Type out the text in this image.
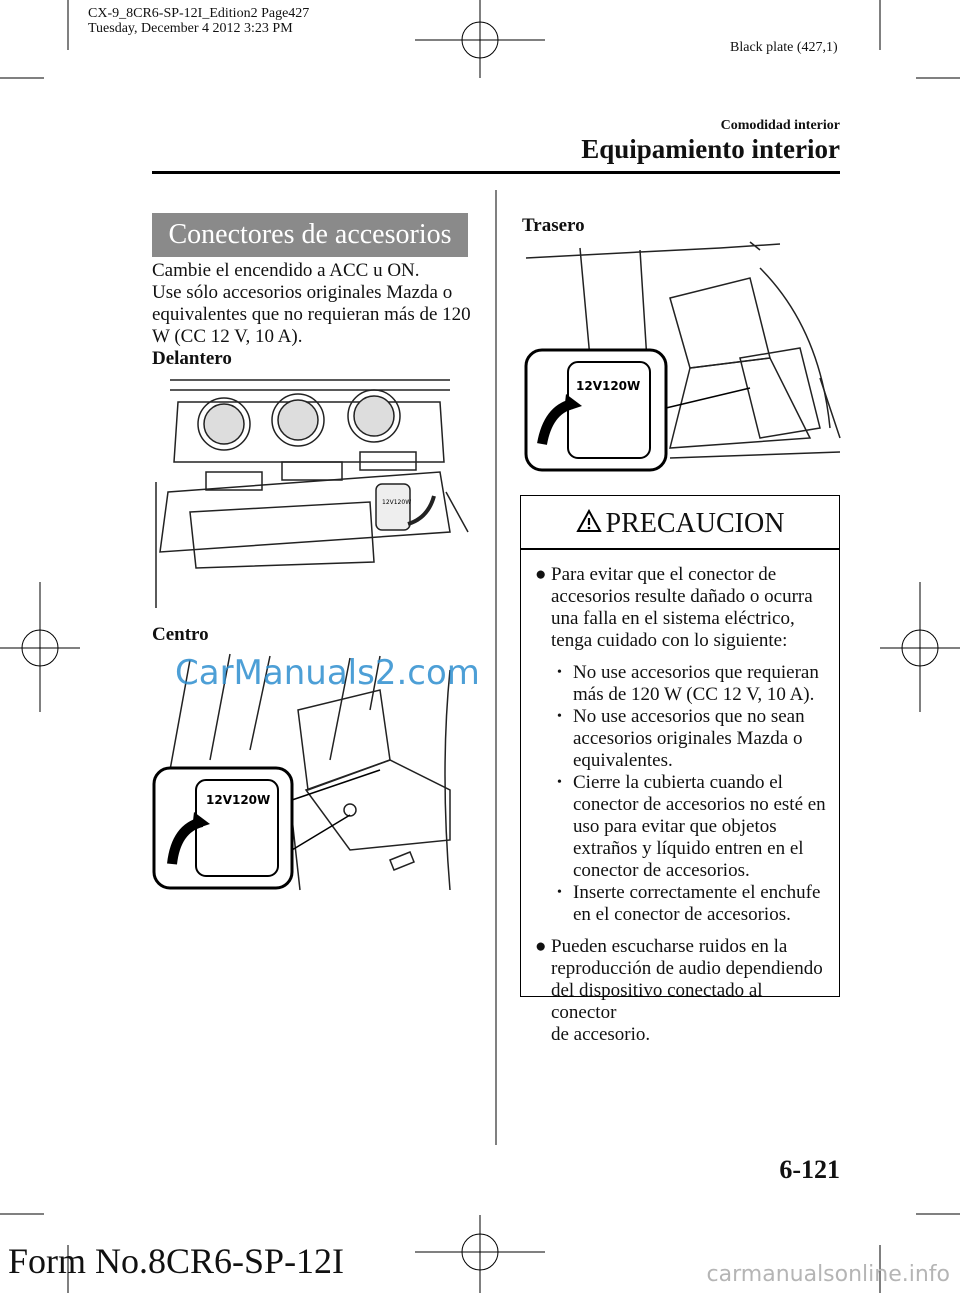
CX-9_8CR6-SP-12I_Edition2 Page427
Tuesday, December 4 2012 3:23 PM
Black plate (427,1)
Comodidad interior
Equipamiento interior
Conectores de accesorios
Cambie el encendido a ACC u ON.
Use sólo accesorios originales Mazda o
equivalentes que no requieran más de 120
W (CC 12 V, 10 A).
Delantero
12V120W
Centro
12V120W
CarManuals2.com
Trasero
12V120W
PRECAUCION
● Para evitar que el conector de
accesorios resulte dañado o ocurra
una falla en el sistema eléctrico,
tenga cuidado con lo siguiente:
• No use accesorios que requieran
más de 120 W (CC 12 V, 10 A).
• No use accesorios que no sean
accesorios originales Mazda o
equivalentes.
• Cierre la cubierta cuando el
conector de accesorios no esté en
uso para evitar que objetos
extraños y líquido entren en el
conector de accesorios.
• Inserte correctamente el enchufe
en el conector de accesorios.
● Pueden escucharse ruidos en la
reproducción de audio dependiendo
del dispositivo conectado al conector
de accesorio.
6-121
Form No.8CR6-SP-12I	carmanualsonline.info
